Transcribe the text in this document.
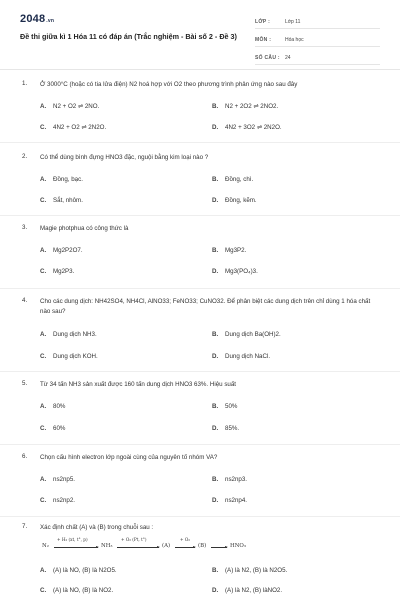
2048.vn
Đề thi giữa kì 1 Hóa 11 có đáp án (Trắc nghiệm - Bài số 2 - Đề 3)
LỚP :	Lớp 11
MÔN :	Hóa học
SỐ CÂU :	24
1. Ở 3000°C (hoặc có tia lửa điện) N2 hoá hợp với O2 theo phương trình phản ứng nào sau đây
A. N2 + O2 ⇌ 2NO.	B. N2 + 2O2 ⇌ 2NO2.
C. 4N2 + O2 ⇌ 2N2O.	D. 4N2 + 3O2 ⇌ 2N2O.
2. Có thể dùng bình đựng HNO3 đặc, nguội bằng kim loại nào ?
A. Đồng, bạc.	B. Đồng, chì.
C. Sắt, nhôm.	D. Đồng, kẽm.
3. Magie photphua có công thức là
A. Mg2P2O7.	B. Mg3P2.
C. Mg2P3.	D. Mg3(PO₄)3.
4. Cho các dung dịch: NH42SO4, NH4Cl, AlNO33; FeNO33; CuNO32. Để phân biệt các dung dịch trên chỉ dùng 1 hóa chất nào sau?
A. Dung dịch NH3.	B. Dung dịch Ba(OH)2.
C. Dung dịch KOH.	D. Dung dịch NaCl.
5. Từ 34 tấn NH3 sản xuất được 160 tấn dung dịch HNO3 63%. Hiệu suất
A. 80%	B. 50%
C. 60%	D. 85%.
6. Chọn cấu hình electron lớp ngoài cùng của nguyên tố nhóm VA?
A. ns2np5.	B. ns2np3.
C. ns2np2.	D. ns2np4.
7. Xác định chất (A) và (B) trong chuỗi sau :
N₂
+ H₂ (xt, t°, p)
NH₃
+ O₂ (Pt, t°)
(A)
+ O₂
(B)	HNO₃
A. (A) là NO, (B) là N2O5.	B. (A) là N2, (B) là N2O5.
C. (A) là NO, (B) là NO2.	D. (A) là N2, (B) làNO2.
